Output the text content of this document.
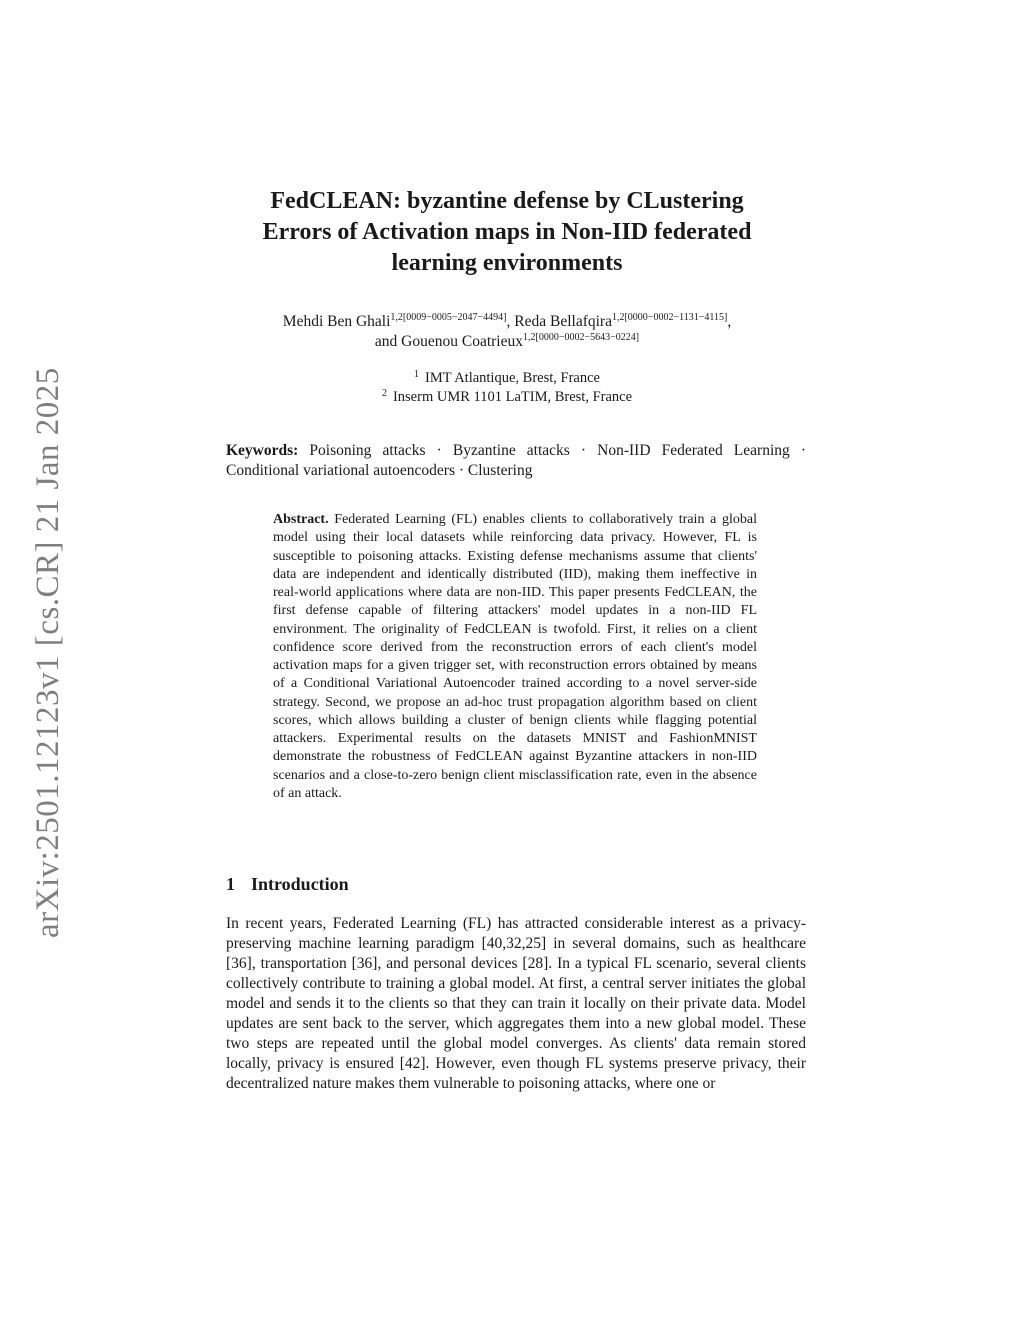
arXiv:2501.12123v1 [cs.CR] 21 Jan 2025
FedCLEAN: byzantine defense by CLustering
Errors of Activation maps in Non-IID federated
learning environments
Mehdi Ben Ghali$^{1,2[0009-0005-2047-4494]}$, Reda Bellafqira$^{1,2[0000-0002-1131-4115]}$,
and Gouenou Coatrieux$^{1,2[0000-0002-5643-0224]}$
$^1$ IMT Atlantique, Brest, France
$^2$ Inserm UMR 1101 LaTIM, Brest, France
Keywords: Poisoning attacks · Byzantine attacks · Non-IID Federated Learning · Conditional variational autoencoders · Clustering
Abstract. Federated Learning (FL) enables clients to collaboratively train a global model using their local datasets while reinforcing data privacy. However, FL is susceptible to poisoning attacks. Existing defense mechanisms assume that clients' data are independent and identically distributed (IID), making them ineffective in real-world applications where data are non-IID. This paper presents FedCLEAN, the first defense capable of filtering attackers' model updates in a non-IID FL environment. The originality of FedCLEAN is twofold. First, it relies on a client confidence score derived from the reconstruction errors of each client's model activation maps for a given trigger set, with reconstruction errors obtained by means of a Conditional Variational Autoencoder trained according to a novel server-side strategy. Second, we propose an ad-hoc trust propagation algorithm based on client scores, which allows building a cluster of benign clients while flagging potential attackers. Experimental results on the datasets MNIST and FashionMNIST demonstrate the robustness of FedCLEAN against Byzantine attackers in non-IID scenarios and a close-to-zero benign client misclassification rate, even in the absence of an attack.
1 Introduction
In recent years, Federated Learning (FL) has attracted considerable interest as a privacy-preserving machine learning paradigm [40,32,25] in several domains, such as healthcare [36], transportation [36], and personal devices [28]. In a typical FL scenario, several clients collectively contribute to training a global model. At first, a central server initiates the global model and sends it to the clients so that they can train it locally on their private data. Model updates are sent back to the server, which aggregates them into a new global model. These two steps are repeated until the global model converges. As clients' data remain stored locally, privacy is ensured [42]. However, even though FL systems preserve privacy, their decentralized nature makes them vulnerable to poisoning attacks, where one or
